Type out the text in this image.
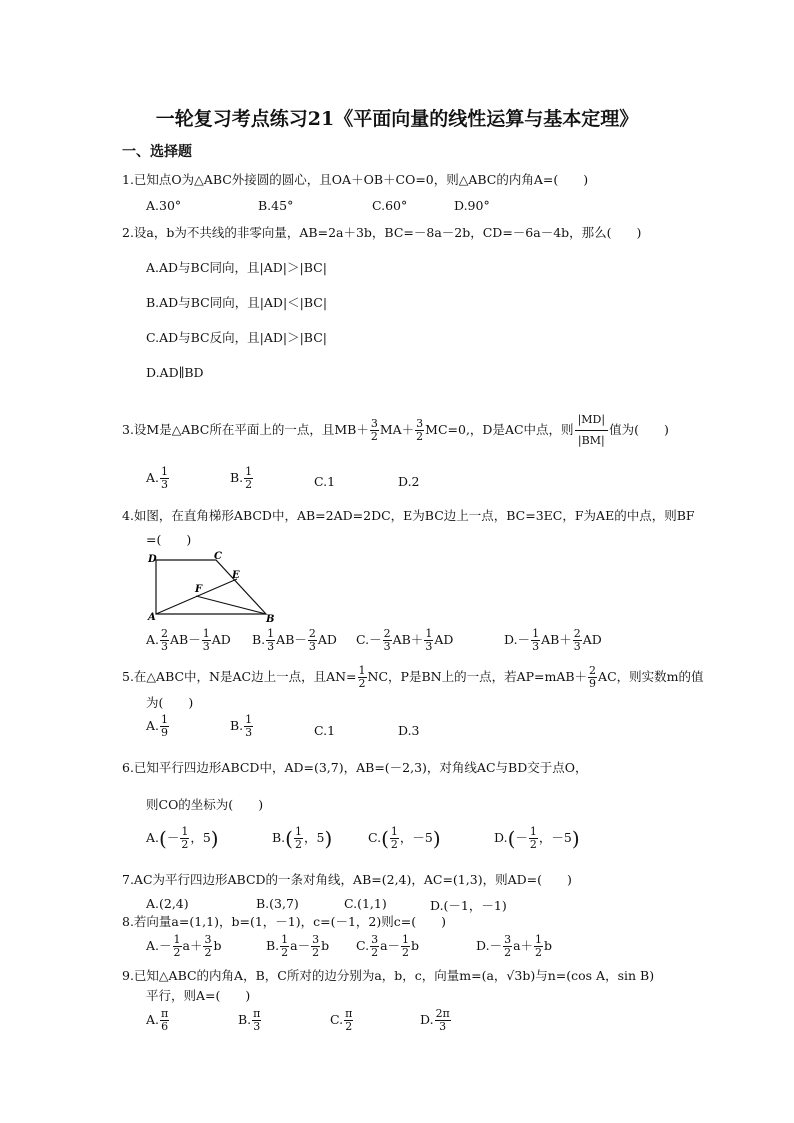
一轮复习考点练习21《平面向量的线性运算与基本定理》
一、选择题
1.已知点O为△ABC外接圆的圆心，且OA＋OB＋CO=0，则△ABC的内角A=(　　)
A.30°	B.45°	C.60°	D.90°
2.设a，b为不共线的非零向量，AB=2a＋3b，BC=－8a－2b，CD=－6a－4b，那么(　　)
A.AD与BC同向，且|AD|＞|BC|
B.AD与BC同向，且|AD|＜|BC|
C.AD与BC反向，且|AD|＞|BC|
D.AD∥BD
3.设M是△ABC所在平面上的一点，且$MB+ \frac{3}{2} MA+ \frac{3}{2} MC=0$,，D是AC中点，则 $\frac{|MD|}{|BM|}$ 值为(　　)
A. $\frac{1}{3}$	B. $\frac{1}{2}$	C.1	D.2
4.如图，在直角梯形ABCD中，AB=2AD=2DC，E为BC边上一点，BC=3EC，F为AE的中点，则BF
=(　　)
D	C
E
F
A	B
A. $\frac{2}{3} AB- \frac{1}{3}$ AD B. $\frac{1}{3} AB- \frac{2}{3}$ AD $C.- \frac{2}{3} AB+ \frac{1}{3}$ AD	$D.- \frac{1}{3} AB+ \frac{2}{3}$ AD
5.在△ABC中，N是AC边上一点，且$AN= \frac{1}{2}$ NC，P是BN上的一点，若$AP=mAB+ \frac{2}{9}$ AC，则实数m的值
为(　　)
A. $\frac{1}{9}$	B. $\frac{1}{3}$	C.1	D.3
6.已知平行四边形ABCD中，AD=(3,7)，AB=(－2,3)，对角线AC与BD交于点O，
则CO的坐标为(　　)
$A.(- \frac{1}{2}$ ，5)	$B.( \frac{1}{2}$ ，5)	$C.( \frac{1}{2}$ ，－5)	$D.(- \frac{1}{2}$ ，－5)
7.AC为平行四边形ABCD的一条对角线，AB=(2,4)，AC=(1,3)，则AD=(　　)
A.(2,4)	B.(3,7)	C.(1,1)	D.(－1，－1)
8.若向量a=(1,1)，b=(1，－1)，c=(－1，2)则c=(　　)
$A.- \frac{1}{2} a+ \frac{3}{2}$ b	B. $\frac{1}{2} a- \frac{3}{2}$ b C. $\frac{3}{2} a- \frac{1}{2}$ b	$D.- \frac{3}{2} a+ \frac{1}{2}$ b
9.已知△ABC的内角A，B，C所对的边分别为a，b，c，向量m=(a，√3b)与n=(cos A，sin B)
平行，则A=(　　)
A. $\frac{\pi}{6}$	B. $\frac{\pi}{3}$	C. $\frac{\pi}{2}$	D. $\frac{2\pi}{3}$
